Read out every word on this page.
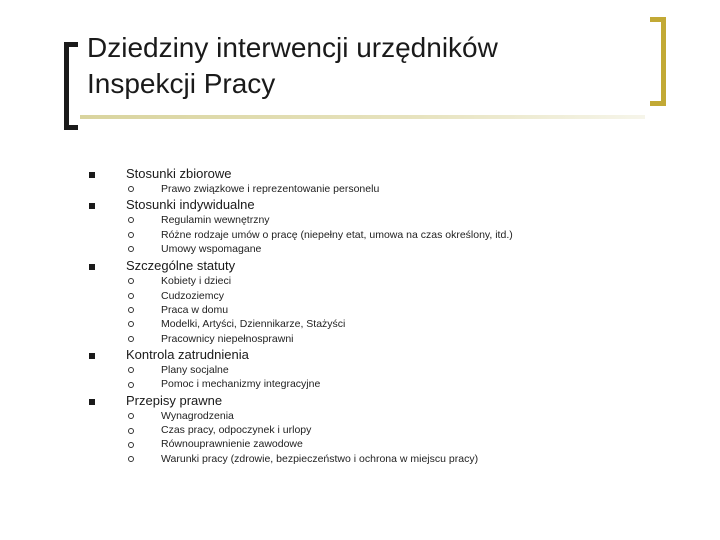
Dziedziny interwencji urzędników
Inspekcji Pracy
Stosunki zbiorowe
Prawo związkowe i reprezentowanie personelu
Stosunki indywidualne
Regulamin wewnętrzny
Różne rodzaje umów o pracę (niepełny etat, umowa na czas określony, itd.)
Umowy wspomagane
Szczególne statuty
Kobiety i dzieci
Cudzoziemcy
Praca w domu
Modelki, Artyści, Dziennikarze, Stażyści
Pracownicy niepełnosprawni
Kontrola zatrudnienia
Plany socjalne
Pomoc i mechanizmy integracyjne
Przepisy prawne
Wynagrodzenia
Czas pracy, odpoczynek i urlopy
Równouprawnienie zawodowe
Warunki pracy (zdrowie, bezpieczeństwo i ochrona w miejscu pracy)
